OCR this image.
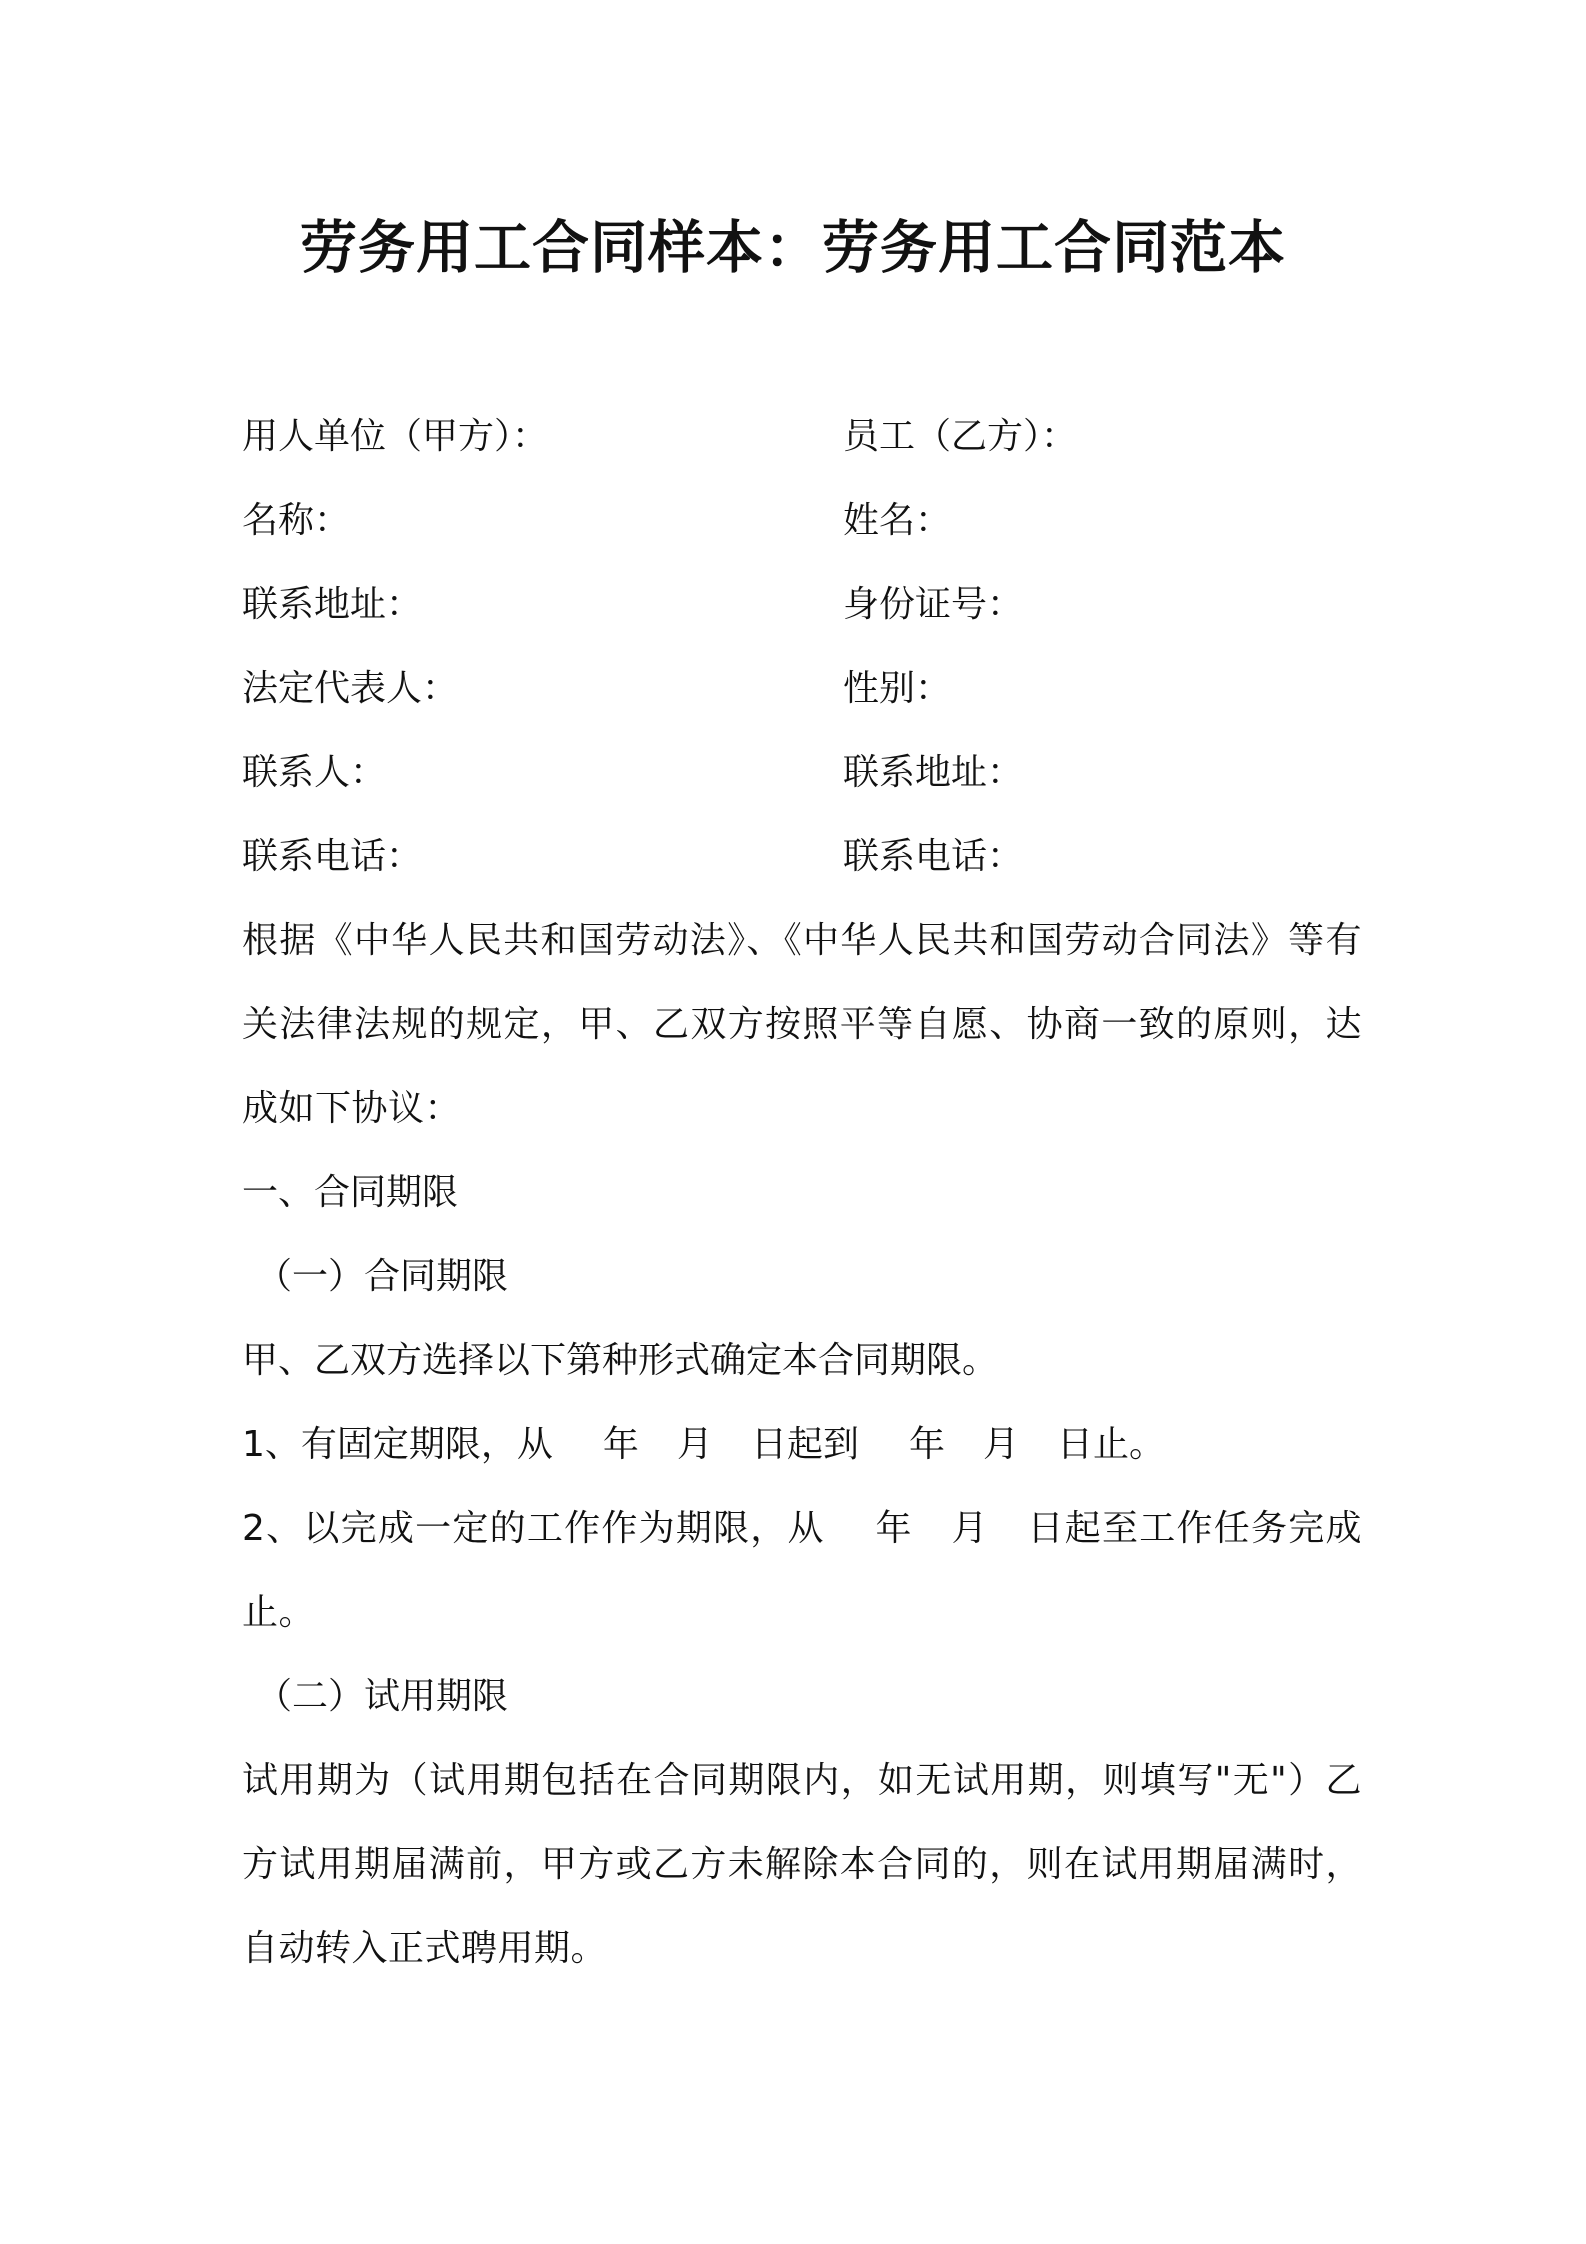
劳务用工合同样本：劳务用工合同范本
用人单位（甲方）：	员工（乙方）：
名称：	姓名：
联系地址：	身份证号：
法定代表人：	性别：
联系人：	联系地址：
联系电话：	联系电话：
根据《中华人民共和国劳动法》、《中华人民共和国劳动合同法》等有关法律法规的规定，甲、乙双方按照平等自愿、协商一致的原则，达成如下协议：
一、合同期限
（一）合同期限
甲、乙双方选择以下第种形式确定本合同期限。
1、有固定期限，从 年 月 日起到 年 月 日止。
2、以完成一定的工作作为期限，从 年 月 日起至工作任务完成止。
（二）试用期限
试用期为（试用期包括在合同期限内，如无试用期，则填写"无"）乙方试用期届满前，甲方或乙方未解除本合同的，则在试用期届满时，自动转入正式聘用期。
